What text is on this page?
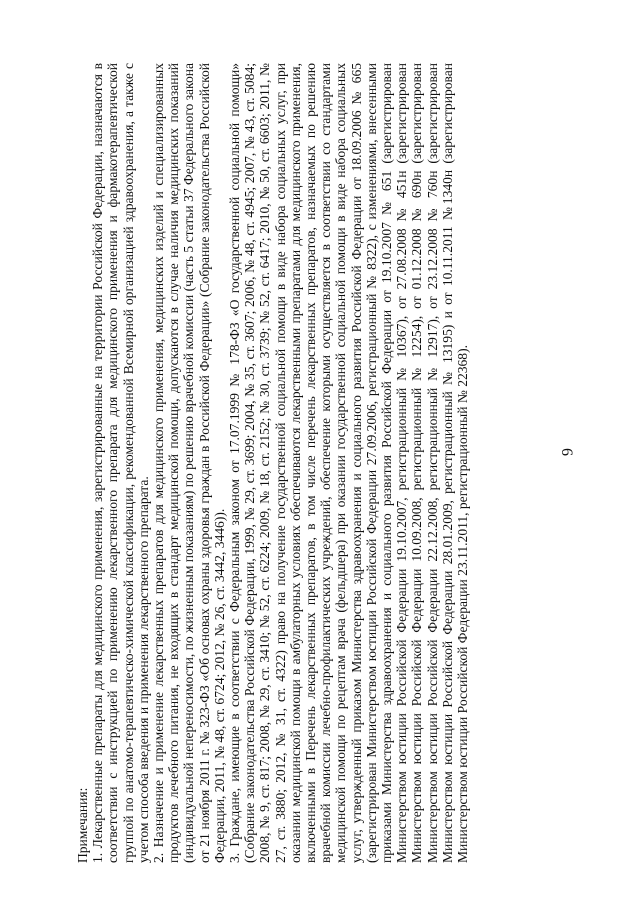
6

Примечания: 1. Лекарственные препараты для медицинского применения, зарегистрированные на территории Российской Федерации, назначаются в соответствии с инструкцией по применению лекарственного препарата для медицинского применения и фармакотерапевтической группой по анатомо-терапевтическо-химической классификации, рекомендованной Всемирной организацией здравоохранения, а также с учетом способа введения и применения лекарственного препарата. 2. Назначение и применение лекарственных препаратов для медицинского применения, медицинских изделий и специализированных продуктов лечебного питания, не входящих в стандарт медицинской помощи, допускаются в случае наличия медицинских показаний (индивидуальной непереносимости, по жизненным показаниям) по решению врачебной комиссии (часть 5 статьи 37 Федерального закона от 21 ноября 2011 г. № 323-ФЗ «Об основах охраны здоровья граждан в Российской Федерации» (Собрание законодательства Российской Федерации, 2011, № 48, ст. 6724; 2012, № 26, ст. 3442, 3446)). 3. Граждане, имеющие в соответствии с Федеральным законом от 17.07.1999 № 178-ФЗ «О государственной социальной помощи» (Собрание законодательства Российской Федерации, 1999, № 29, ст. 3699; 2004, № 35, ст. 3607; 2006, № 48, ст. 4945; 2007, № 43, ст. 5084; 2008, № 9, ст. 817; 2008, № 29, ст. 3410; № 52, ст. 6224; 2009, № 18, ст. 2152; № 30, ст. 3739; № 52, ст. 6417; 2010, № 50, ст. 6603; 2011, № 27, ст. 3880; 2012, № 31, ст. 4322) право на получение государственной социальной помощи в виде набора социальных услуг, при оказании медицинской помощи в амбулаторных условиях обеспечиваются лекарственными препаратами для медицинского применения, включенными в Перечень лекарственных препаратов, в том числе перечень лекарственных препаратов, назначаемых по решению врачебной комиссии лечебно-профилактических учреждений, обеспечение которыми осуществляется в соответствии со стандартами медицинской помощи по рецептам врача (фельдшера) при оказании государственной социальной помощи в виде набора социальных услуг, утвержденный приказом Министерства здравоохранения и социального развития Российской Федерации от 18.09.2006 № 665 (зарегистрирован Министерством юстиции Российской Федерации 27.09.2006, регистрационный № 8322), с изменениями, внесенными приказами Министерства здравоохранения и социального развития Российской Федерации от 19.10.2007 № 651 (зарегистрирован Министерством юстиции Российской Федерации 19.10.2007, регистрационный № 10367), от 27.08.2008 № 451н (зарегистрирован Министерством юстиции Российской Федерации 10.09.2008, регистрационный № 12254), от 01.12.2008 № 690н (зарегистрирован Министерством юстиции Российской Федерации 22.12.2008, регистрационный № 12917), от 23.12.2008 № 760н (зарегистрирован Министерством юстиции Российской Федерации 28.01.2009, регистрационный № 13195) и от 10.11.2011 №1340н (зарегистрирован Министерством юстиции Российской Федерации 23.11.2011, регистрационный № 22368).
